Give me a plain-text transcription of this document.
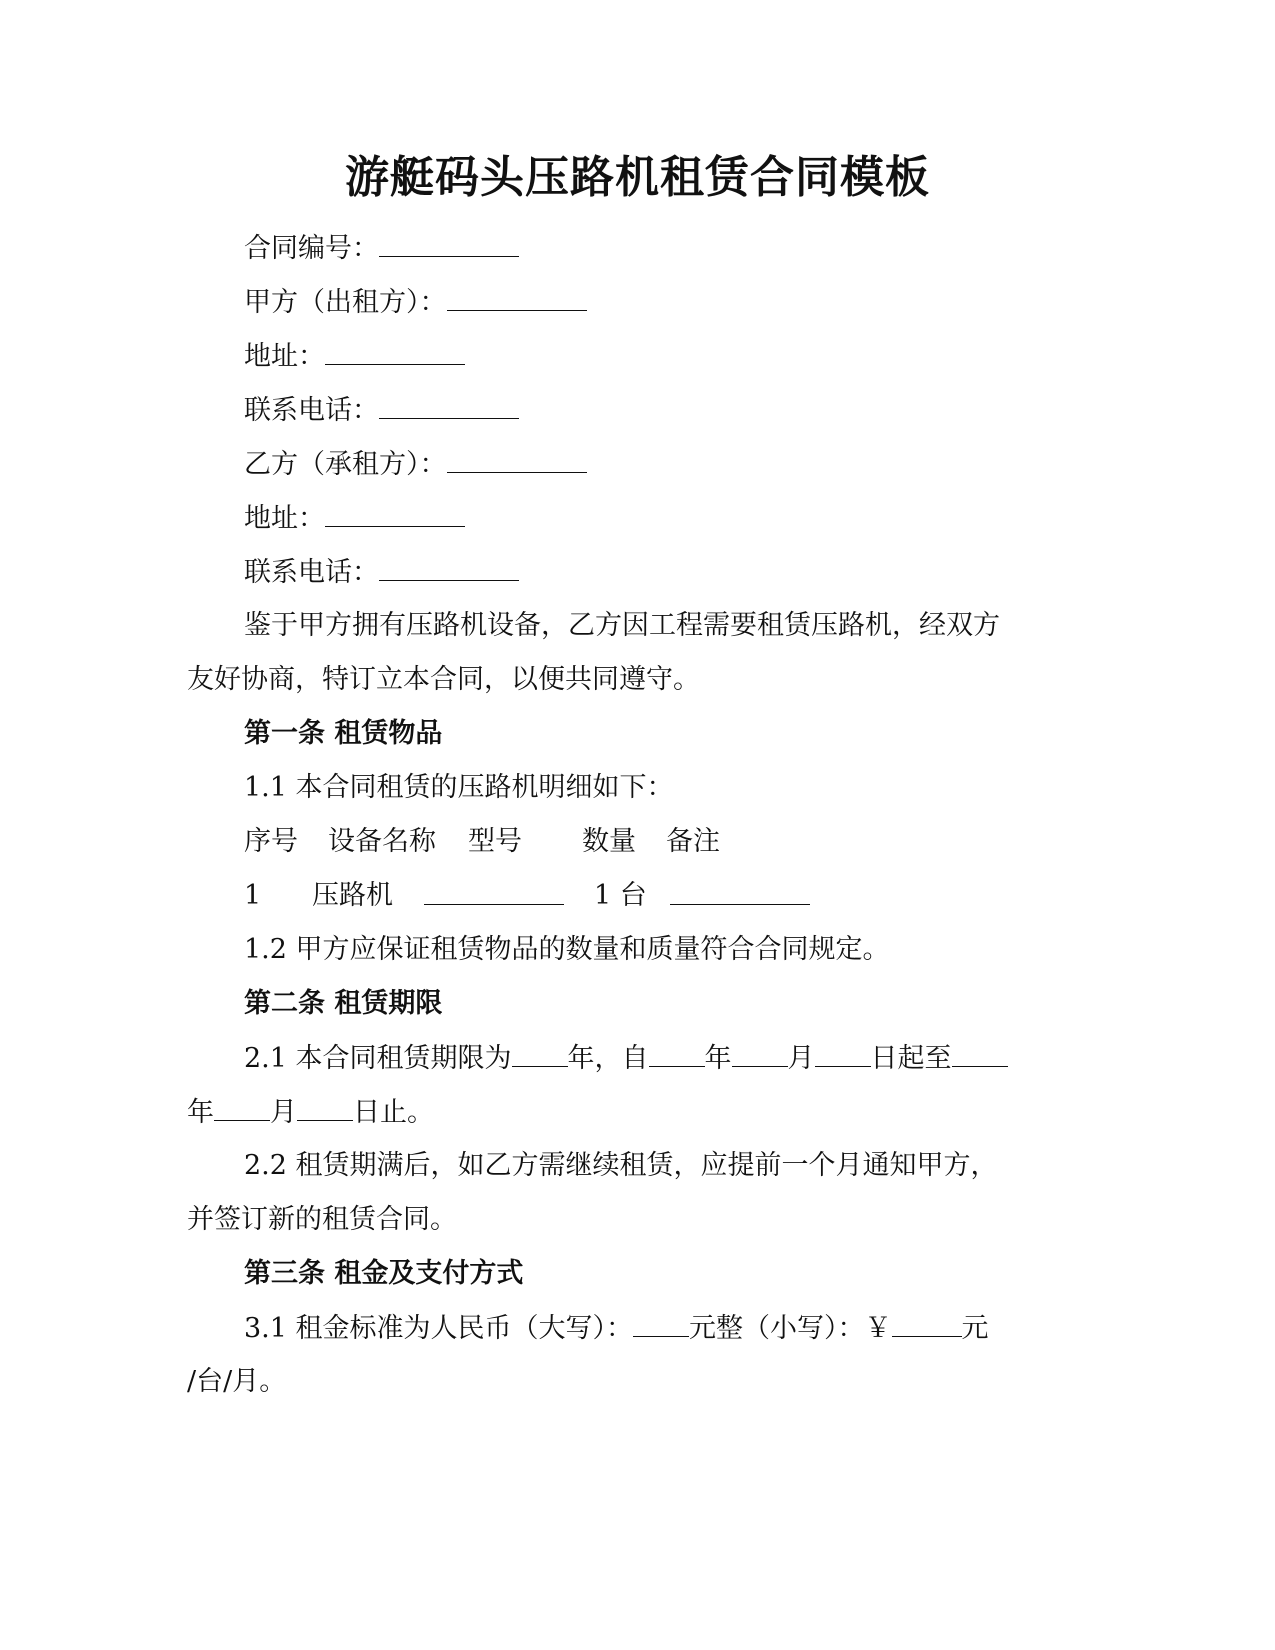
游艇码头压路机租赁合同模板
合同编号：
甲方（出租方）：
地址：
联系电话：
乙方（承租方）：
地址：
联系电话：
鉴于甲方拥有压路机设备，乙方因工程需要租赁压路机，经双方
友好协商，特订立本合同，以便共同遵守。
第一条 租赁物品
1.1 本合同租赁的压路机明细如下：
序号 设备名称 型号 数量 备注
1 压路机	1 台
1.2 甲方应保证租赁物品的数量和质量符合合同规定。
第二条 租赁期限
2.1 本合同租赁期限为 年，自 年 月 日起至
年 月 日止。
2.2 租赁期满后，如乙方需继续租赁，应提前一个月通知甲方，
并签订新的租赁合同。
第三条 租金及支付方式
3.1 租金标准为人民币（大写）： 元整（小写）：￥	元
/台/月。
